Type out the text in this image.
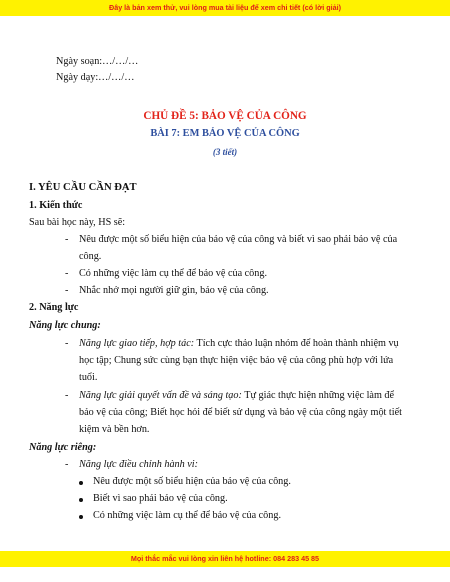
Đây là bản xem thử, vui lòng mua tài liệu để xem chi tiết (có lời giải)
Ngày soạn:…/…/…
Ngày dạy:…/…/…
CHỦ ĐỀ 5: BẢO VỆ CỦA CÔNG
BÀI 7: EM BẢO VỆ CỦA CÔNG
(3 tiết)
I. YÊU CẦU CẦN ĐẠT
1. Kiến thức
Sau bài học này, HS sẽ:
- Nêu được một số biểu hiện của bảo vệ của công và biết vì sao phải bảo vệ của
công.
- Có những việc làm cụ thể để bảo vệ của công.
- Nhắc nhở mọi người giữ gìn, bảo vệ của công.
2. Năng lực
Năng lực chung:
- Năng lực giao tiếp, hợp tác: Tích cực thảo luận nhóm để hoàn thành nhiệm vụ
học tập; Chung sức cùng bạn thực hiện việc bảo vệ của công phù hợp với lứa
tuổi.
- Năng lực giải quyết vấn đề và sáng tạo: Tự giác thực hiện những việc làm để
bảo vệ của công; Biết học hỏi để biết sử dụng và bảo vệ của công ngày một tiết
kiệm và bền hơn.
Năng lực riêng:
- Năng lực điều chỉnh hành vi:
Nêu được một số biểu hiện của bảo vệ của công.
Biết vì sao phải bảo vệ của công.
Có những việc làm cụ thể để bảo vệ của công.
Mọi thắc mắc vui lòng xin liên hệ hotline: 084 283 45 85
